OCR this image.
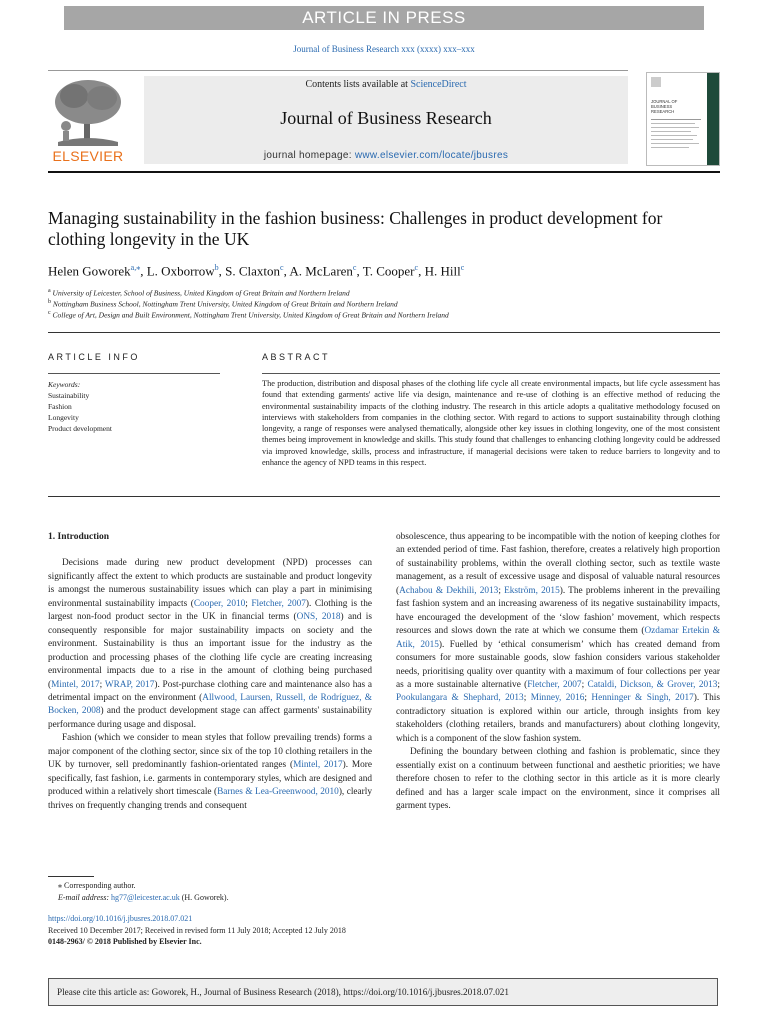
ARTICLE IN PRESS
Journal of Business Research xxx (xxxx) xxx–xxx
ELSEVIER
Contents lists available at ScienceDirect
Journal of Business Research
journal homepage: www.elsevier.com/locate/jbusres
JOURNAL OF BUSINESS RESEARCH
Managing sustainability in the fashion business: Challenges in product development for clothing longevity in the UK
Helen Goworek$^{a,⁎}$, L. Oxborrow$^b$, S. Claxton$^c$, A. McLaren$^c$, T. Cooper$^c$, H. Hill$^c$
$^a$ University of Leicester, School of Business, United Kingdom of Great Britain and Northern Ireland
$^b$ Nottingham Business School, Nottingham Trent University, United Kingdom of Great Britain and Northern Ireland
$^c$ College of Art, Design and Built Environment, Nottingham Trent University, United Kingdom of Great Britain and Northern Ireland
ARTICLE INFO
Keywords:
Sustainability
Fashion
Longevity
Product development
ABSTRACT
The production, distribution and disposal phases of the clothing life cycle all create environmental impacts, but life cycle assessment has found that extending garments' active life via design, maintenance and re-use of clothing is an effective method of reducing the environmental sustainability impacts of the clothing industry. The research in this article adopts a qualitative methodology focused on interviews with stakeholders from companies in the clothing sector. With regard to actions to support sustainability through clothing longevity, a range of responses were analysed thematically, alongside other key issues in clothing longevity, one of the most consistent themes being improvement in knowledge and skills. This study found that challenges to enhancing clothing longevity could be addressed via improved knowledge, skills, process and infrastructure, if managerial decisions were taken to reduce barriers to longevity and to enhance the agency of NPD teams in this respect.
1. Introduction

Decisions made during new product development (NPD) processes can significantly affect the extent to which products are sustainable and product longevity is amongst the numerous sustainability issues which can play a part in minimising environmental sustainability impacts (Cooper, 2010; Fletcher, 2007). Clothing is the largest non-food product sector in the UK in financial terms (ONS, 2018) and is consequently responsible for major sustainability impacts on society and the environment. Sustainability is thus an important issue for the industry as the production and processing phases of the clothing life cycle are creating increasing environmental impacts due to a rise in the amount of clothing being purchased (Mintel, 2017; WRAP, 2017). Post-purchase clothing care and maintenance also has a detrimental impact on the environment (Allwood, Laursen, Russell, de Rodríguez, & Bocken, 2008) and the product development stage can affect garments' sustainability performance during usage and disposal.

Fashion (which we consider to mean styles that follow prevailing trends) forms a major component of the clothing sector, since six of the top 10 clothing retailers in the UK by turnover, sell predominantly fashion-orientated ranges (Mintel, 2017). More specifically, fast fashion, i.e. garments in contemporary styles, which are designed and produced within a relatively short timescale (Barnes & Lea-Greenwood, 2010), clearly thrives on frequently changing trends and consequent

obsolescence, thus appearing to be incompatible with the notion of keeping clothes for an extended period of time. Fast fashion, therefore, creates a relatively high proportion of sustainability problems, within the overall clothing sector, such as textile waste management, as a result of excessive usage and disposal of valuable natural resources (Achabou & Dekhili, 2013; Ekström, 2015). The problems inherent in the prevailing fast fashion system and an increasing awareness of its negative sustainability impacts, have encouraged the development of the ‘slow fashion’ movement, which respects resources and slows down the rate at which we consume them (Ozdamar Ertekin & Atik, 2015). Fuelled by ‘ethical consumerism’ which has created demand from consumers for more sustainable goods, slow fashion considers various stakeholder needs, prioritising quality over quantity with a maximum of four collections per year as a more sustainable alternative (Fletcher, 2007; Cataldi, Dickson, & Grover, 2013; Pookulangara & Shephard, 2013; Minney, 2016; Henninger & Singh, 2017). This contradictory situation is explored within our article, through insights from key stakeholders (clothing retailers, brands and manufacturers) about clothing longevity, which is a component of the slow fashion system.

Defining the boundary between clothing and fashion is problematic, since they essentially exist on a continuum between functional and aesthetic priorities; we have therefore chosen to refer to the clothing sector in this article as it is more clearly defined and has a larger scale impact on the environment, since it comprises all garment types.

⁎ Corresponding author.
E-mail address: hg77@leicester.ac.uk (H. Goworek).
https://doi.org/10.1016/j.jbusres.2018.07.021
Received 10 December 2017; Received in revised form 11 July 2018; Accepted 12 July 2018
0148-2963/ © 2018 Published by Elsevier Inc.
Please cite this article as: Goworek, H., Journal of Business Research (2018), https://doi.org/10.1016/j.jbusres.2018.07.021
